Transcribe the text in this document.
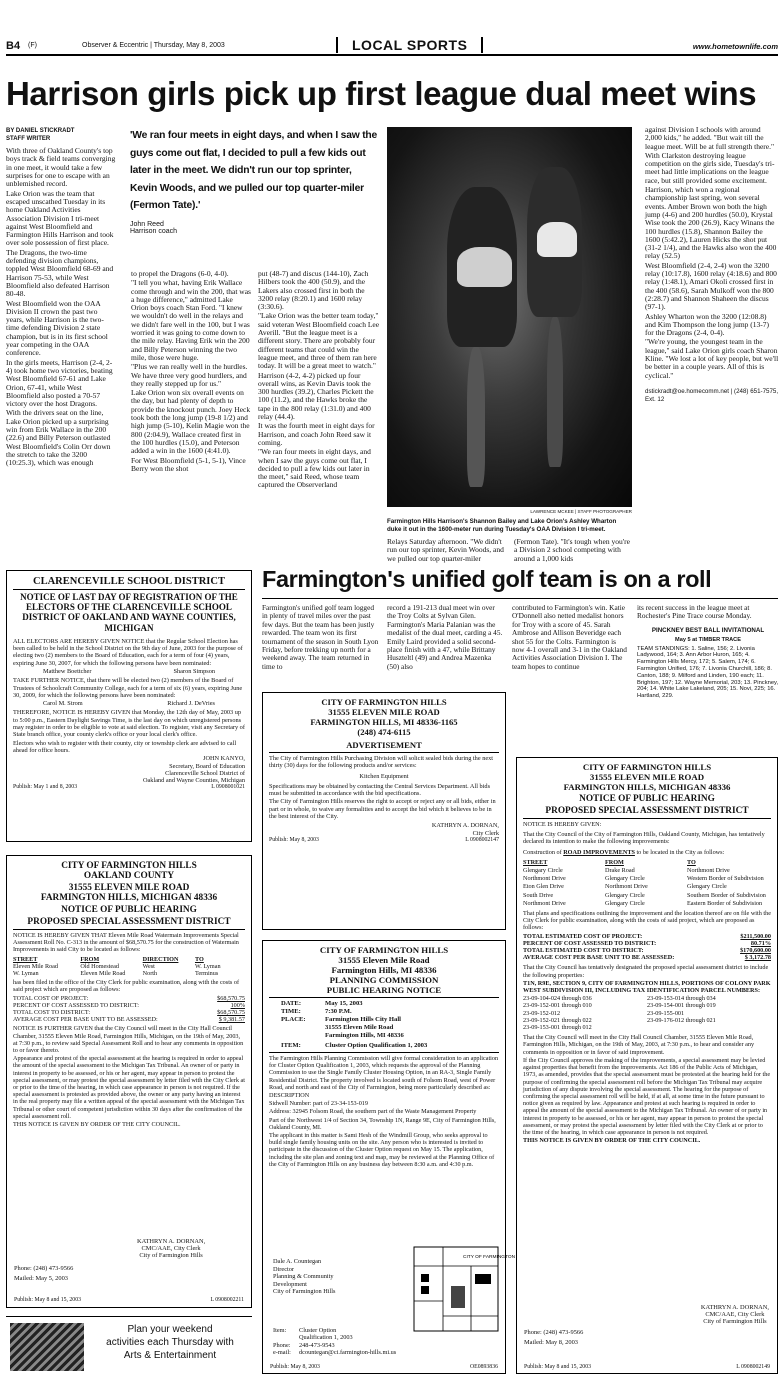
B4 (F)	Observer & Eccentric | Thursday, May 8, 2003	LOCAL SPORTS	www.hometownlife.com
Harrison girls pick up first league dual meet wins

BY DANIEL STICKRADT

STAFF WRITER

With three of Oakland County's top boys track & field teams converging in one meet, it would take a few surprises for one to escape with an unblemished record.

Lake Orion was the team that escaped unscathed Tuesday in its home Oakland Activities Association Division I tri-meet against West Bloomfield and Farmington Hills Harrison and took over sole possession of first place.

The Dragons, the two-time defending division champions, toppled West Bloomfield 68-69 and Harrison 75-53, while West Bloomfield also defeated Harrison 80-48.

West Bloomfield won the OAA Division II crown the past two years, while Harrison is the two-time defending Division 2 state champion, but is in its first school year competing in the OAA conference.

In the girls meets, Harrison (2-4, 2-4) took home two victories, beating West Bloomfield 67-61 and Lake Orion, 67-41, while West Bloomfield also posted a 70-57 victory over the host Dragons.

With the drivers seat on the line, Lake Orion picked up a surprising win from Erik Wallace in the 200 (22.6) and Billy Peterson outlasted West Bloomfield's Colin Orr down the stretch to take the 3200 (10:25.3), which was enough

'We ran four meets in eight days, and when I saw the guys come out flat, I decided to pull a few kids out later in the meet. We didn't run our top sprinter, Kevin Woods, and we pulled our top quarter-miler (Fermon Tate).'
John Reed
Harrison coach

to propel the Dragons (6-0, 4-0).

"I tell you what, having Erik Wallace come through and win the 200, that was a huge difference," admitted Lake Orion boys coach Stan Ford. "I knew we wouldn't do well in the relays and we didn't fare well in the 100, but I was worried it was going to come down to the mile relay. Having Erik win the 200 and Billy Peterson winning the two mile, those were huge.

"Plus we ran really well in the hurdles. We have three very good hurdlers, and they really stepped up for us."

Lake Orion won six overall events on the day, but had plenty of depth to provide the knockout punch. Joey Heck took both the long jump (19-8 1/2) and high jump (5-10), Kelin Magie won the 800 (2:04.9), Wallace created first in the 100 hurdles (15.0), and Peterson added a win in the 1600 (4:41.0).

For West Bloomfield (5-1, 5-1), Vince Berry won the shot

put (48-7) and discus (144-10), Zach Hilbers took the 400 (50.9), and the Lakers also crossed first in both the 3200 relay (8:20.1) and 1600 relay (3:30.6).

"Lake Orion was the better team today," said veteran West Bloomfield coach Lee Averill. "But the league meet is a different story. There are probably four different teams that could win the league meet, and three of them ran here today. It will be a great meet to watch."

Harrison (4-2, 4-2) picked up four overall wins, as Kevin Davis took the 300 hurdles (39.2), Charles Pickett the 100 (11.2), and the Hawks broke the tape in the 800 relay (1:31.0) and 400 relay (44.4).

It was the fourth meet in eight days for Harrison, and coach John Reed saw it coming.

"We ran four meets in eight days, and when I saw the guys come out flat, I decided to pull a few kids out later in the meet," said Reed, whose team captured the Observerland

LAWRENCE MCKEE | STAFF PHOTOGRAPHER
Farmington Hills Harrison's Shannon Bailey and Lake Orion's Ashley Wharton duke it out in the 1600-meter run during Tuesday's OAA Division I tri-meet.
Relays Saturday afternoon. "We didn't run our top sprinter, Kevin Woods, and we pulled our top quarter-miler
(Fermon Tate). "It's tough when you're a Division 2 school competing with around a 1,000 kids

against Division I schools with around 2,000 kids," he added. "But wait till the league meet. Will be at full strength there."

With Clarkston destroying league competition on the girls side, Tuesday's tri-meet had little implications on the league race, but still provided some excitement.

Harrison, which won a regional championship last spring, won several events. Amber Brown won both the high jump (4-6) and 200 hurdles (50.0), Krystal Wise took the 200 (26.9), Kacy Winans the 100 hurdles (15.8), Shannon Bailey the 1600 (5:42.2), Lauren Hicks the shot put (31-2 1/4), and the Hawks also won the 400 relay (52.5)

West Bloomfield (2-4, 2-4) won the 3200 relay (10:17.8), 1600 relay (4:18.6) and 800 relay (1:48.1), Amari Okoli crossed first in the 400 (58.6), Sarah Mulkoff won the 800 (2:28.7) and Shannon Shaheen the discus (97-1).

Ashley Wharton won the 3200 (12:08.8) and Kim Thompson the long jump (13-7) for the Dragons (2-4, 0-4).

"We're young, the youngest team in the league," said Lake Orion girls coach Sharon Kline. "We lost a lot of key people, but we'll be better in a couple years. All of this is cyclical."

dstickradt@oe.homecomm.net | (248) 651-7575, Ext. 12

CLARENCEVILLE SCHOOL DISTRICT
NOTICE OF LAST DAY OF REGISTRATION OF THE ELECTORS OF THE CLARENCEVILLE SCHOOL DISTRICT OF OAKLAND AND WAYNE COUNTIES, MICHIGAN

ALL ELECTORS ARE HEREBY GIVEN NOTICE that the Regular School Election has been called to be held in the School District on the 9th day of June, 2003 for the purpose of electing two (2) members to the Board of Education, each for a term of four (4) years, expiring June 30, 2007, for which the following persons have been nominated:

Matthew Boettcher	Sharon Simpson

TAKE FURTHER NOTICE, that there will be elected two (2) members of the Board of Trustees of Schoolcraft Community College, each for a term of six (6) years, expiring June 30, 2009, for which the following persons have been nominated:

Carol M. Strom	Richard J. DeVries

THEREFORE, NOTICE IS HEREBY GIVEN that Monday, the 12th day of May, 2003 up to 5:00 p.m., Eastern Daylight Savings Time, is the last day on which unregistered persons may register in order to be eligible to vote at said election. To register, visit any Secretary of State branch office, your county clerk's office or your local clerk's office.

Electors who wish to register with their county, city or township clerk are advised to call ahead for office hours.

JOHN KANYO,
Secretary, Board of Education
Clarenceville School District of
Oakland and Wayne Counties, Michigan
Publish: May 1 and 8, 2003	L 0908001021
CITY OF FARMINGTON HILLS
OAKLAND COUNTY
31555 ELEVEN MILE ROAD
FARMINGTON HILLS, MICHIGAN 48336
NOTICE OF PUBLIC HEARING
PROPOSED SPECIAL ASSESSMENT DISTRICT

NOTICE IS HEREBY GIVEN THAT Eleven Mile Road Watermain Improvements Special Assessment Roll No. C-313 in the amount of $68,570.75 for the construction of Watermain Improvements in said City to be located as follows:

STREET	FROM	DIRECTION	TO
Eleven Mile Road	Old Homestead	West	W. Lyman
W. Lyman	Eleven Mile Road	North	Terminus

has been filed in the office of the City Clerk for public examination, along with the costs of said project which are proposed as follows:

TOTAL COST OF PROJECT:	$68,570.75
PERCENT OF COST ASSESSED TO DISTRICT:	100%
TOTAL COST TO DISTRICT:	$68,570.75
AVERAGE COST PER BASE UNIT TO BE ASSESSED:	$ 9,381.57

NOTICE IS FURTHER GIVEN that the City Council will meet in the City Hall Council Chamber, 31555 Eleven Mile Road, Farmington Hills, Michigan, on the 19th of May, 2003, at 7:30 p.m., to review said Special Assessment Roll and to hear any comments in opposition to or favor thereto.

Appearance and protest of the special assessment at the hearing is required in order to appeal the amount of the special assessment to the Michigan Tax Tribunal. An owner of or party in interest in property to be assessed, or his or her agent, may appear in person to protest the special assessment, or may protest the special assessment by letter filed with the City Clerk at or prior to the time of the hearing, in which case appearance in person is not required. If the special assessment is protested as provided above, the owner or any party having an interest in the real property may file a written appeal of the special assessment with the Michigan Tax Tribunal or other court of competent jurisdiction within 30 days after the confirmation of the special assessment roll.

THIS NOTICE IS GIVEN BY ORDER OF THE CITY COUNCIL.

KATHRYN A. DORNAN,
CMC/AAE, City Clerk
City of Farmington Hills
Phone: (248) 473-9566
Mailed: May 5, 2003
Publish: May 8 and 15, 2003	L 0908002211
Plan your weekend
activities each Thursday with
Arts & Entertainment
Farmington's unified golf team is on a roll
Farmington's unified golf team logged in plenty of travel miles over the past few days. But the team has been justly rewarded. The team won its first tournament of the season in South Lyon Friday, before trekking up north for a weekend away. The team returned in time to
record a 191-213 dual meet win over the Troy Colts at Sylvan Glen. Farmington's Maria Palanian was the medalist of the dual meet, carding a 45. Emily Laird provided a solid second-place finish with a 47, while Brittany Huszteltl (49) and Andrea Mazenka (50) also
contributed to Farmington's win. Katie O'Donnell also netted medalist honors for Troy with a score of 45. Sarah Ambrose and Allison Beveridge each shot 55 for the Colts. Farmington is now 4-1 overall and 3-1 in the Oakland Activities Association Division I. The team hopes to continue

its recent success in the league meet at Rochester's Pine Trace course Monday.

PINCKNEY BEST BALL INVITATIONAL

May 5 at TIMBER TRACE

TEAM STANDINGS: 1. Saline, 156; 2. Livonia Ladywood, 164; 3. Ann Arbor Huron, 165; 4. Farmington Hills Mercy, 172; 5. Salem, 174; 6. Farmington Unified, 176; 7. Livonia Churchill, 186; 8. Canton, 188; 9. Milford and Linden, 190 each; 11. Brighton, 197; 12. Wayne Memorial, 203; 13. Pinckney, 204; 14. White Lake Lakeland, 205; 15. Novi, 225; 16. Hartland, 229.

CITY OF FARMINGTON HILLS
31555 ELEVEN MILE ROAD
FARMINGTON HILLS, MI 48336-1165
(248) 474-6115
ADVERTISEMENT

The City of Farmington Hills Purchasing Division will solicit sealed bids during the next thirty (30) days for the following products and/or services:

Kitchen Equipment

Specifications may be obtained by contacting the Central Services Department. All bids must be submitted in accordance with the bid specifications.

The City of Farmington Hills reserves the right to accept or reject any or all bids, either in part or in whole, to waive any formalities and to accept the bid which it believes to be in the best interest of the City.

KATHRYN A. DORNAN,
City Clerk
Publish: May 8, 2003	L 0908002147
CITY OF FARMINGTON HILLS
31555 Eleven Mile Road
Farmington Hills, MI 48336
PLANNING COMMISSION
PUBLIC HEARING NOTICE
DATE:	May 15, 2003
TIME:	7:30 P.M.
PLACE:	Farmington Hills City Hall
31555 Eleven Mile Road
Farmington Hills, MI 48336
ITEM:	Cluster Option Qualification 1, 2003

The Farmington Hills Planning Commission will give formal consideration to an application for Cluster Option Qualification 1, 2003, which requests the approval of the Planning Commission to use the Single Family Cluster Housing Option, in an RA-3, Single Family Residential District. The property involved is located south of Folsom Road, west of Power Road, and north and east of the City of Farmington, being more particularly described as:

DESCRIPTION

Sidwell Number: part of 23-34-153-019

Address: 32945 Folsom Road, the southern part of the Waste Management Property

Part of the Northwest 1/4 of Section 34, Township 1N, Range 9E, City of Farmington Hills, Oakland County, MI.

The applicant in this matter is Sami Hesh of the Windmill Group, who seeks approval to build single family housing units on the site. Any person who is interested is invited to participate in the discussion of the Cluster Option request on May 15. The application, including the site plan and zoning text and map, may be reviewed at the Planning Office of the City of Farmington Hills on any business day between 8:30 a.m. and 4:30 p.m.

Dale A. Countegan
Director
Planning & Community
Development
City of Farmington Hills
CITY OF FARMINGTON
Item:	Cluster Option
Qualification 1, 2003
Phone:	248-473-9543
e-mail:	dcountegan@ci.farmington-hills.mi.us
Publish: May 8, 2003	OE0893836
CITY OF FARMINGTON HILLS
31555 ELEVEN MILE ROAD
FARMINGTON HILLS, MICHIGAN 48336
NOTICE OF PUBLIC HEARING
PROPOSED SPECIAL ASSESSMENT DISTRICT

NOTICE IS HEREBY GIVEN:

That the City Council of the City of Farmington Hills, Oakland County, Michigan, has tentatively declared its intention to make the following improvements:

Construction of ROAD IMPROVEMENTS to be located in the City as follows:

STREET	FROM	TO
Glengary Circle	Drake Road	Northmont Drive
Northmont Drive	Glengary Circle	Western Border of Subdivision
Eton Glen Drive	Northmont Drive	Glengary Circle
South Drive	Glengary Circle	Southern Border of Subdivision
Northmont Drive	Glengary Circle	Eastern Border of Subdivision

That plans and specifications outlining the improvement and the location thereof are on file with the City Clerk for public examination, along with the costs of said project, which are proposed as follows:

TOTAL ESTIMATED COST OF PROJECT:	$211,500.00
PERCENT OF COST ASSESSED TO DISTRICT:	80.71%
TOTAL ESTIMATED COST TO DISTRICT:	$170,600.00
AVERAGE COST PER BASE UNIT TO BE ASSESSED:	$ 3,172.78

That the City Council has tentatively designated the proposed special assessment district to include the following properties:

T1N, R9E, SECTION 9, CITY OF FARMINGTON HILLS, PORTIONS OF COLONY PARK WEST SUBDIVISION III, INCLUDING TAX IDENTIFICATION PARCEL NUMBERS:

23-09-104-024 through 036	23-09-153-014 through 034
23-09-152-001 through 010	23-09-154-001 through 019
23-09-152-012	23-09-155-001
23-09-152-021 through 022	23-09-176-012 through 021
23-09-153-001 through 012

That the City Council will meet in the City Hall Council Chamber, 31555 Eleven Mile Road, Farmington Hills, Michigan, on the 19th of May, 2003, at 7:30 p.m., to hear and consider any comments in opposition or in favor of said improvement.

If the City Council approves the making of the improvements, a special assessment may be levied against properties that benefit from the improvements. Act 186 of the Public Acts of Michigan, 1973, as amended, provides that the special assessment must be protested at the hearing held for the purpose of confirming the special assessment roll before the Michigan Tax Tribunal may acquire jurisdiction of any dispute involving the special assessment. The hearing for the purpose of confirming the special assessment roll will be held, if at all, at some time in the future pursuant to notice given as required by law. Appearance and protest at such hearing is required in order to appeal the amount of the special assessment to the Michigan Tax Tribunal. An owner of or party in interest in property to be assessed, or his or her agent, may appear in person to protest the special assessment, or may protest the special assessment by letter filed with the City Clerk at or prior to the time of the hearing, in which case appearance in person is not required.

THIS NOTICE IS GIVEN BY ORDER OF THE CITY COUNCIL.

KATHRYN A. DORNAN,
CMC/AAE, City Clerk
City of Farmington Hills
Phone: (248) 473-9566
Mailed: May 8, 2003
Publish: May 8 and 15, 2003	L 0908002149
